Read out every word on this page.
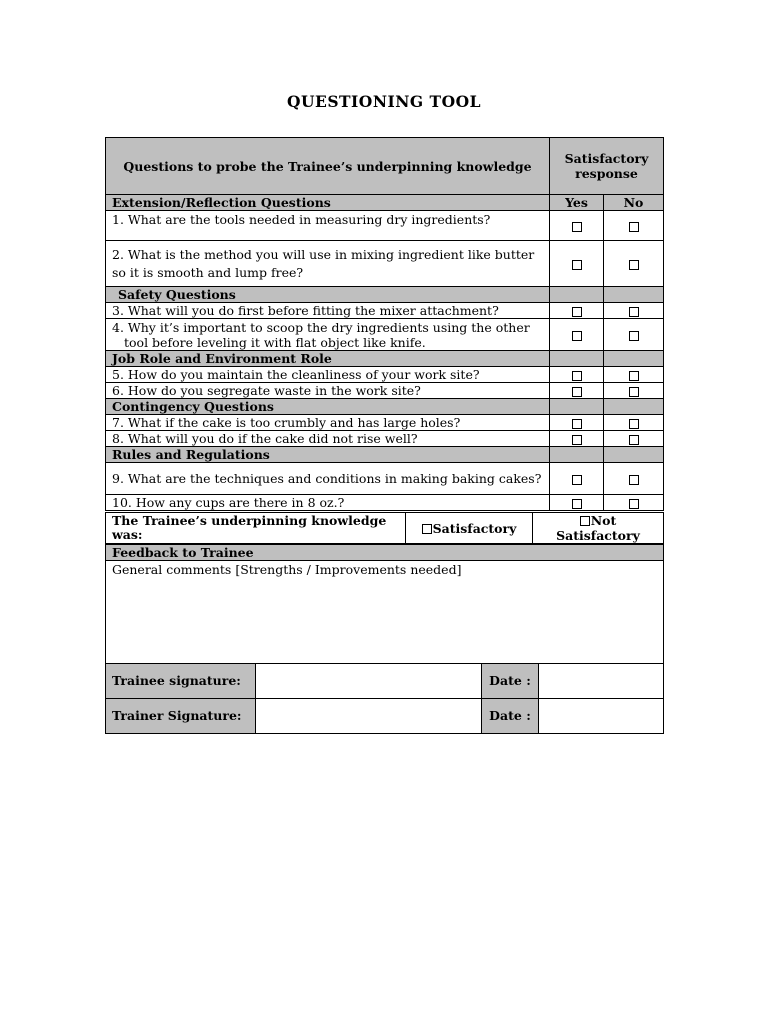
QUESTIONING TOOL
Questions to probe the Trainee’s underpinning knowledge	Satisfactory response	
Extension/Reflection Questions	Yes	No
1. What are the tools needed in measuring dry ingredients?		
2. What is the method you will use in mixing ingredient like butter so it is smooth and lump free?		
Safety Questions		
3. What will you do first before fitting the mixer attachment?		
4. Why it’s important to scoop the dry ingredients using the other tool before leveling it with flat object like knife.		
Job Role and Environment Role		
5. How do you maintain the cleanliness of your work site?		
6. How do you segregate waste in the work site?		
Contingency Questions		
7. What if the cake is too crumbly and has large holes?		
8. What will you do if the cake did not rise well?		
Rules and Regulations		
9. What are the techniques and conditions in making baking cakes?		
10. How any cups are there in 8 oz.?		
The Trainee’s underpinning knowledge was:	Satisfactory	Not Satisfactory
Feedback to Trainee
General comments [Strengths / Improvements needed]
Trainee signature:		Date :	
Trainer Signature:		Date :	
